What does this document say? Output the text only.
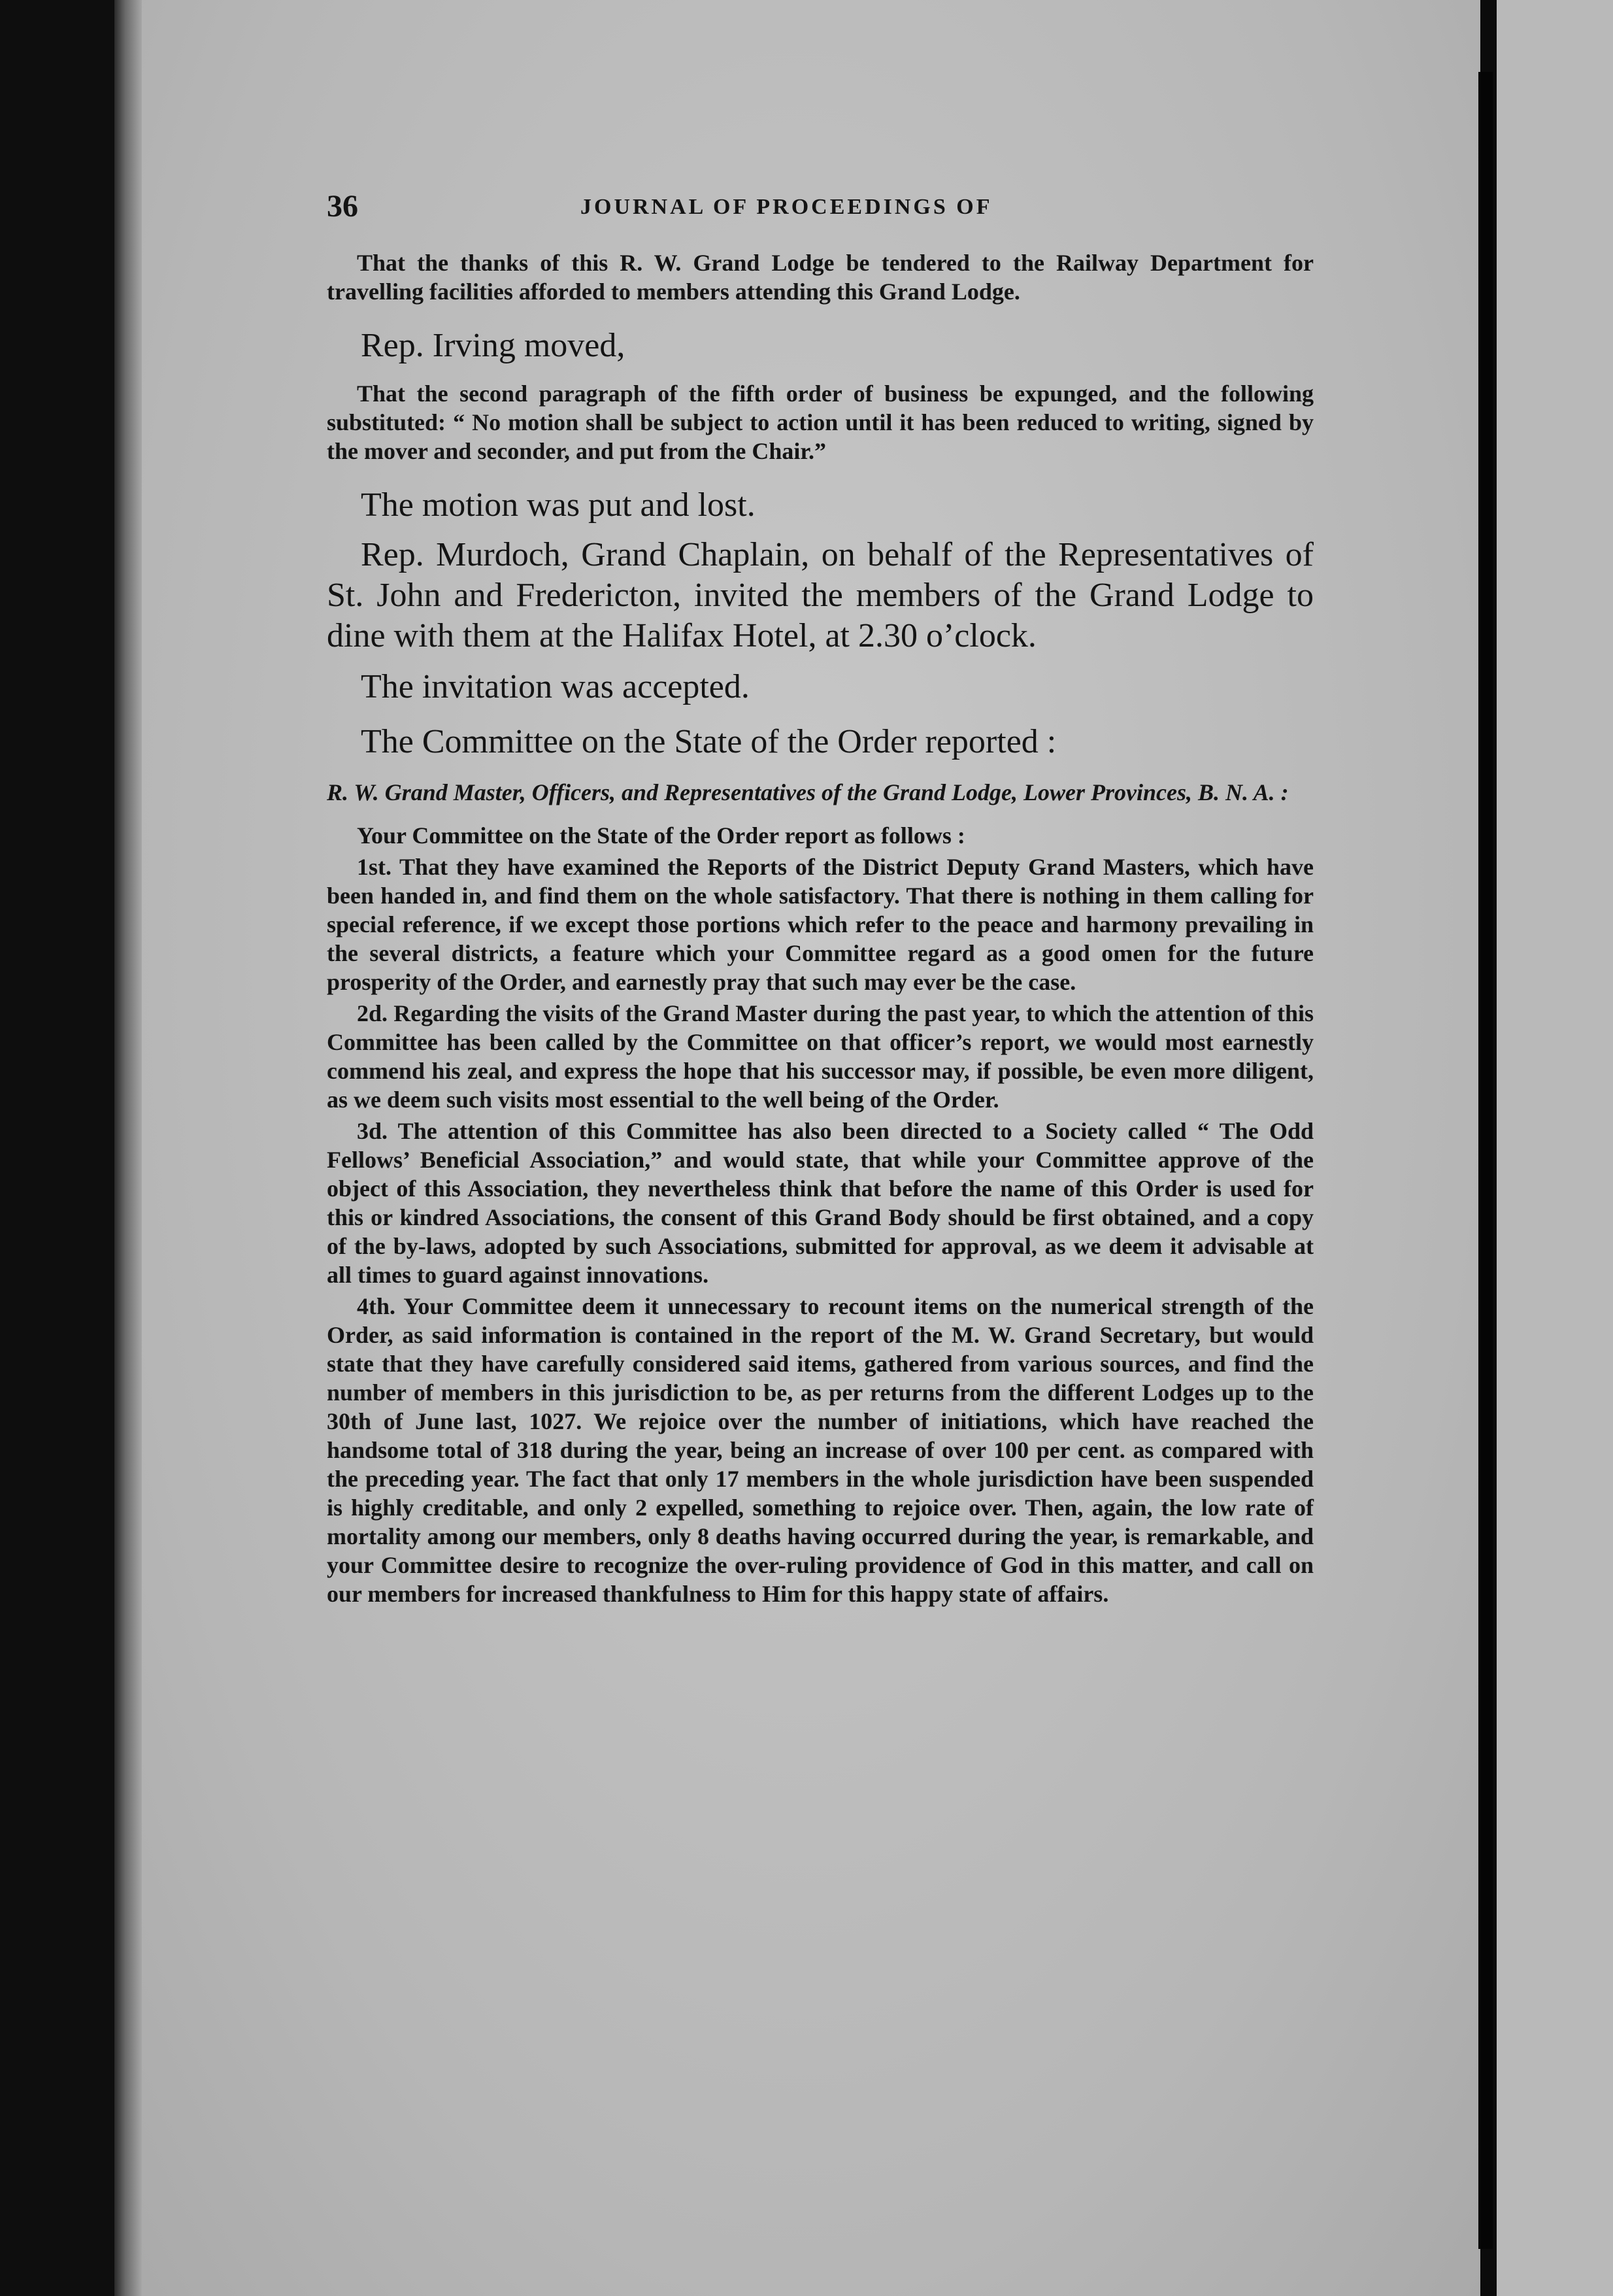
36	JOURNAL OF PROCEEDINGS OF

That the thanks of this R. W. Grand Lodge be tendered to the Railway Department for travelling facilities afforded to members attending this Grand Lodge.

Rep. Irving moved,

That the second paragraph of the fifth order of business be expunged, and the following substituted: “ No motion shall be subject to action until it has been reduced to writing, signed by the mover and seconder, and put from the Chair.”

The motion was put and lost.

Rep. Murdoch, Grand Chaplain, on behalf of the Representatives of St. John and Fredericton, invited the members of the Grand Lodge to dine with them at the Halifax Hotel, at 2.30 o’clock.

The invitation was accepted.

The Committee on the State of the Order reported :

R. W. Grand Master, Officers, and Representatives of the Grand Lodge, Lower Provinces, B. N. A. :

Your Committee on the State of the Order report as follows :

1st. That they have examined the Reports of the District Deputy Grand Masters, which have been handed in, and find them on the whole satisfactory. That there is nothing in them calling for special reference, if we except those portions which refer to the peace and harmony prevailing in the several districts, a feature which your Committee regard as a good omen for the future prosperity of the Order, and earnestly pray that such may ever be the case.

2d. Regarding the visits of the Grand Master during the past year, to which the attention of this Committee has been called by the Committee on that officer’s report, we would most earnestly commend his zeal, and express the hope that his successor may, if possible, be even more diligent, as we deem such visits most essential to the well being of the Order.

3d. The attention of this Committee has also been directed to a Society called “ The Odd Fellows’ Beneficial Association,” and would state, that while your Committee approve of the object of this Association, they nevertheless think that before the name of this Order is used for this or kindred Associations, the consent of this Grand Body should be first obtained, and a copy of the by-laws, adopted by such Associations, submitted for approval, as we deem it advisable at all times to guard against innovations.

4th. Your Committee deem it unnecessary to recount items on the numerical strength of the Order, as said information is contained in the report of the M. W. Grand Secretary, but would state that they have carefully considered said items, gathered from various sources, and find the number of members in this jurisdiction to be, as per returns from the different Lodges up to the 30th of June last, 1027. We rejoice over the number of initiations, which have reached the handsome total of 318 during the year, being an increase of over 100 per cent. as compared with the preceding year. The fact that only 17 members in the whole jurisdiction have been suspended is highly creditable, and only 2 expelled, something to rejoice over. Then, again, the low rate of mortality among our members, only 8 deaths having occurred during the year, is remarkable, and your Committee desire to recognize the over-ruling providence of God in this matter, and call on our members for increased thankfulness to Him for this happy state of affairs.
